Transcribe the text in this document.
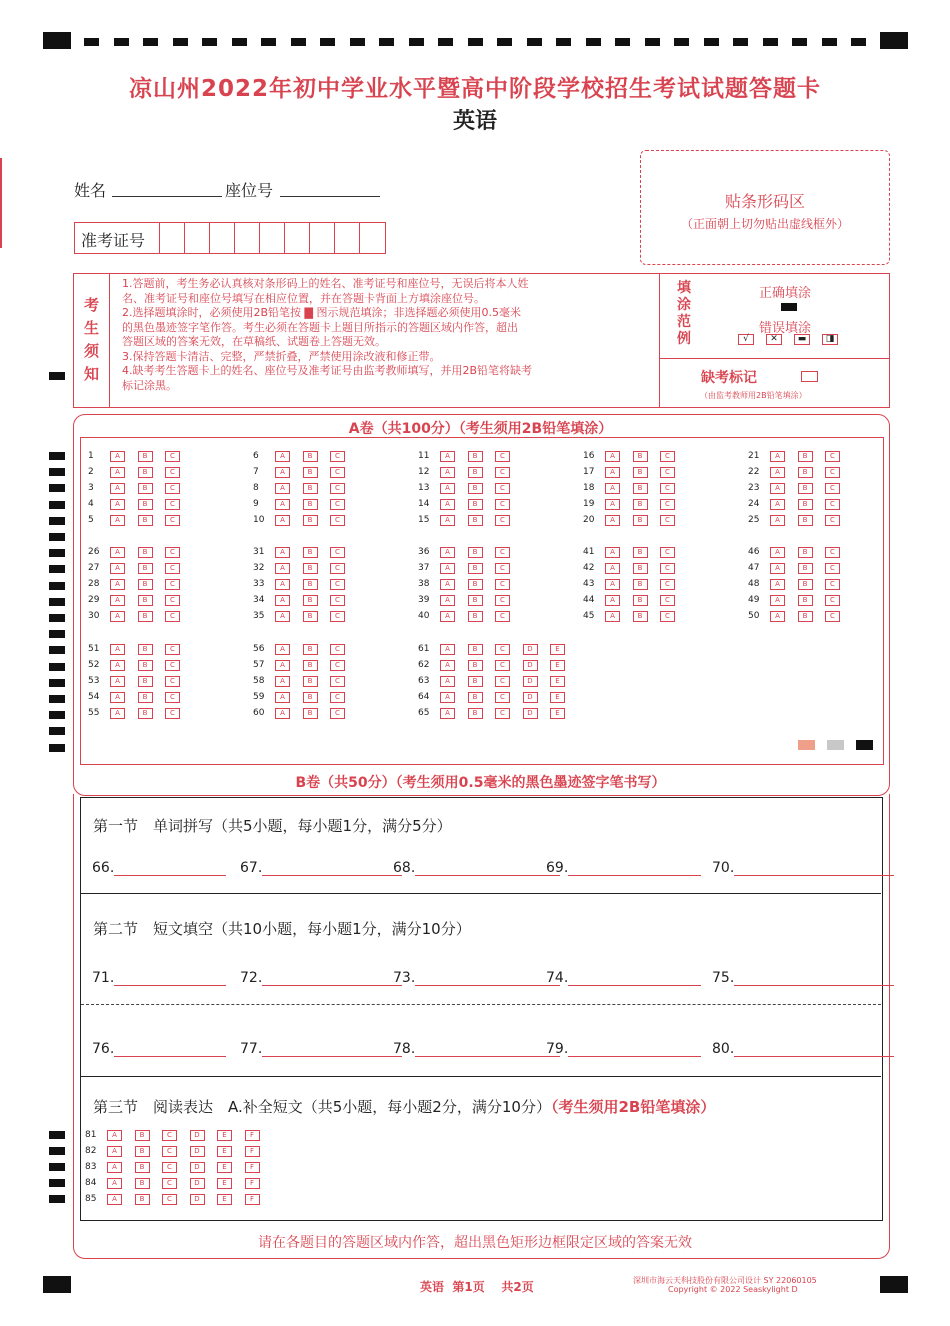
凉山州2022年初中学业水平暨高中阶段学校招生考试试题答题卡
英语
姓名	座位号
贴条形码区
（正面朝上切勿贴出虚线框外）
准考证号
考
生
须
知
1.答题前，考生务必认真核对条形码上的姓名、准考证号和座位号，无误后将本人姓
名、准考证号和座位号填写在相应位置，并在答题卡背面上方填涂座位号。
2.选择题填涂时，必须使用2B铅笔按 ▇ 图示规范填涂；非选择题必须使用0.5毫米
的黑色墨迹签字笔作答。考生必须在答题卡上题目所指示的答题区域内作答，超出
答题区域的答案无效，在草稿纸、试题卷上答题无效。
3.保持答题卡清洁、完整，严禁折叠，严禁使用涂改液和修正带。
4.缺考考生答题卡上的姓名、座位号及准考证号由监考教师填写，并用2B铅笔将缺考
标记涂黑。
填
涂
范
例
正确填涂
错误填涂
√ ✕ ▬ ◨
缺考标记
（由监考教师用2B铅笔填涂）
A卷（共100分）（考生须用2B铅笔填涂）
1	A	B	C
2	A	B	C
3	A	B	C
4	A	B	C
5	A	B	C
6	A	B	C
7	A	B	C
8	A	B	C
9	A	B	C
10	A	B	C
11	A	B	C
12	A	B	C
13	A	B	C
14	A	B	C
15	A	B	C
16	A	B	C
17	A	B	C
18	A	B	C
19	A	B	C
20	A	B	C
21	A	B	C
22	A	B	C
23	A	B	C
24	A	B	C
25	A	B	C
26	A	B	C
27	A	B	C
28	A	B	C
29	A	B	C
30	A	B	C
31	A	B	C
32	A	B	C
33	A	B	C
34	A	B	C
35	A	B	C
36	A	B	C
37	A	B	C
38	A	B	C
39	A	B	C
40	A	B	C
41	A	B	C
42	A	B	C
43	A	B	C
44	A	B	C
45	A	B	C
46	A	B	C
47	A	B	C
48	A	B	C
49	A	B	C
50	A	B	C
51	A	B	C
52	A	B	C
53	A	B	C
54	A	B	C
55	A	B	C
56	A	B	C
57	A	B	C
58	A	B	C
59	A	B	C
60	A	B	C
61	A	B	C	D	E
62	A	B	C	D	E
63	A	B	C	D	E
64	A	B	C	D	E
65	A	B	C	D	E
B卷（共50分）（考生须用0.5毫米的黑色墨迹签字笔书写）
第一节　单词拼写（共5小题，每小题1分，满分5分）
66.	67.	68.	69.	70.
第二节　短文填空（共10小题，每小题1分，满分10分）
71.	72.	73.	74.	75.
76.	77.	78.	79.	80.
第三节　阅读表达　A.补全短文（共5小题，每小题2分，满分10分）（考生须用2B铅笔填涂）
81	A	B	C	D	E	F
82	A	B	C	D	E	F
83	A	B	C	D	E	F
84	A	B	C	D	E	F
85	A	B	C	D	E	F
请在各题目的答题区域内作答，超出黑色矩形边框限定区域的答案无效
英语  第1页    共2页	深圳市海云天科技股份有限公司设计 SY 22060105
Copyright © 2022 Seaskylight D
